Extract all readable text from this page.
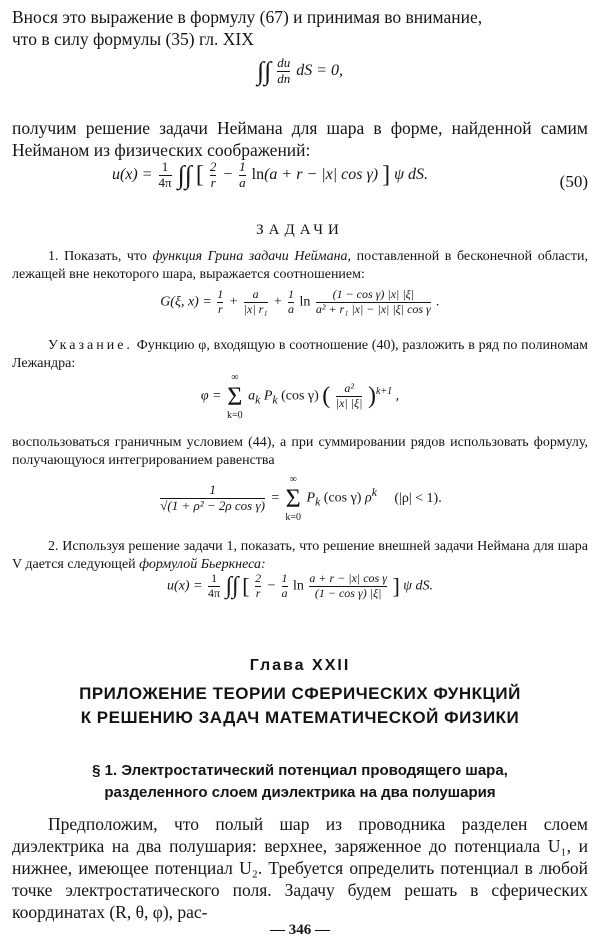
Внося это выражение в формулу (67) и принимая во внимание,
что в силу формулы (35) гл. XIX

∫∫ $\frac{du}{dn}$ dS = 0,

получим решение задачи Неймана для шара в форме, найденной самим Нейманом из физических соображений:

$u(x) = \frac{1}{4\pi}$ ∫∫ [ $\frac{2}{r} - \frac{1}{a} \ln(a + r - |x|$ cos γ) ] ψ dS.	(50)
ЗАДАЧИ

1. Показать, что функция Грина задачи Неймана, поставленной в бесконечной области, лежащей вне некоторого шара, выражается соотношением:

G(ξ, $x) = \frac{1}{r} + \frac{a}{\text{|x| r₁}} + \frac{1}{a}$ $\ln \frac{\text{(1 − cos γ) |x| |ξ|}}{\text{a² + r₁ |x| − |x| |ξ| cos γ}}$ .

Указание. Функцию φ, входящую в соотношение (40), разложить в ряд по полиномам Лежандра:

φ =
∞
Σ
k=0
$a_k$ $P_k$ (cos γ) ( $\frac{\text{a²}}{|x| |\xi|} )^{k+1}$ ,

воспользоваться граничным условием (44), а при суммировании рядов использовать формулу, получающуюся интегрированием равенства

$\frac{1}{\text{√(1 + ρ² − 2ρ cos γ)}}$ =
∞
Σ
k=0
$P_k$ (cos γ) $\rho^k$ (|ρ| < 1).

2. Используя решение задачи 1, показать, что решение внешней задачи Неймана для шара V дается следующей формулой Бьеркнеса:

$u(x) = \frac{1}{4\pi}$ ∫∫ [ $\frac{2}{r} - \frac{1}{a}$ $\ln \frac{\text{a + r − |x| cos γ}}{\text{(1 − cos γ) |ξ|}}$ ] ψ dS.
Глава XXII
ПРИЛОЖЕНИЕ ТЕОРИИ СФЕРИЧЕСКИХ ФУНКЦИЙ
К РЕШЕНИЮ ЗАДАЧ МАТЕМАТИЧЕСКОЙ ФИЗИКИ
§ 1. Электростатический потенциал проводящего шара,
разделенного слоем диэлектрика на два полушария

Предположим, что полый шар из проводника разделен слоем диэлектрика на два полушария: верхнее, заряженное до потенциала U₁, и нижнее, имеющее потенциал U₂. Требуется определить потенциал в любой точке электростатического поля. Задачу будем решать в сферических координатах (R, θ, φ), рас-

— 346 —
